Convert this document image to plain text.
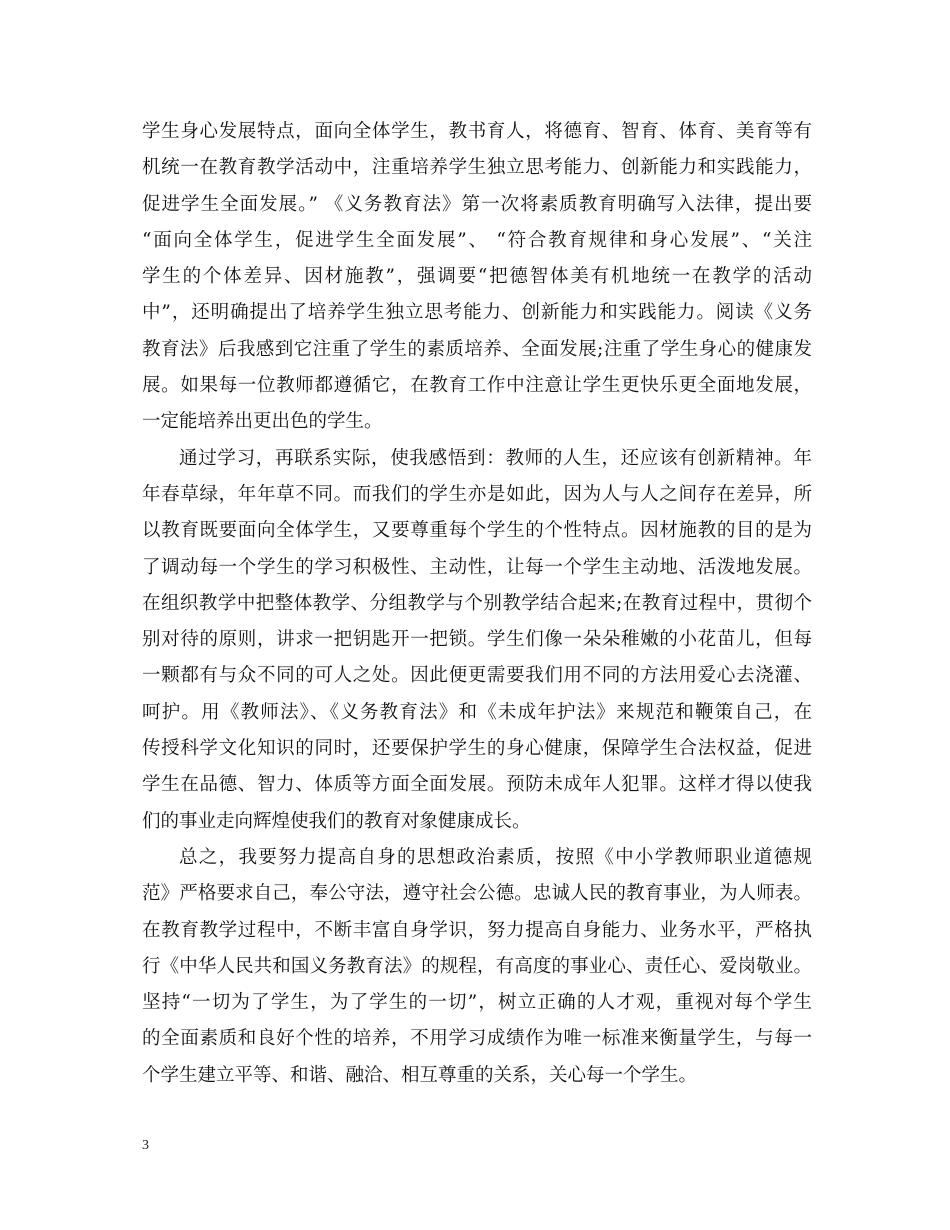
学生身心发展特点，面向全体学生，教书育人，将德育、智育、体育、美育等有
机统一在教育教学活动中，注重培养学生独立思考能力、创新能力和实践能力，
促进学生全面发展。” 《义务教育法》第一次将素质教育明确写入法律，提出要
“面向全体学生，促进学生全面发展”、 “符合教育规律和身心发展”、“关注
学生的个体差异、因材施教”，强调要“把德智体美有机地统一在教学的活动
中”，还明确提出了培养学生独立思考能力、创新能力和实践能力。阅读《义务
教育法》后我感到它注重了学生的素质培养、全面发展;注重了学生身心的健康发
展。如果每一位教师都遵循它，在教育工作中注意让学生更快乐更全面地发展，
一定能培养出更出色的学生。
通过学习，再联系实际，使我感悟到：教师的人生，还应该有创新精神。年
年春草绿，年年草不同。而我们的学生亦是如此，因为人与人之间存在差异，所
以教育既要面向全体学生，又要尊重每个学生的个性特点。因材施教的目的是为
了调动每一个学生的学习积极性、主动性，让每一个学生主动地、活泼地发展。
在组织教学中把整体教学、分组教学与个别教学结合起来;在教育过程中，贯彻个
别对待的原则，讲求一把钥匙开一把锁。学生们像一朵朵稚嫩的小花苗儿，但每
一颗都有与众不同的可人之处。因此便更需要我们用不同的方法用爱心去浇灌、
呵护。用《教师法》、《义务教育法》和《未成年护法》来规范和鞭策自己，在
传授科学文化知识的同时，还要保护学生的身心健康，保障学生合法权益，促进
学生在品德、智力、体质等方面全面发展。预防未成年人犯罪。这样才得以使我
们的事业走向辉煌使我们的教育对象健康成长。
总之，我要努力提高自身的思想政治素质，按照《中小学教师职业道德规
范》严格要求自己，奉公守法，遵守社会公德。忠诚人民的教育事业，为人师表。
在教育教学过程中，不断丰富自身学识，努力提高自身能力、业务水平，严格执
行《中华人民共和国义务教育法》的规程，有高度的事业心、责任心、爱岗敬业。
坚持“一切为了学生，为了学生的一切”，树立正确的人才观，重视对每个学生
的全面素质和良好个性的培养，不用学习成绩作为唯一标准来衡量学生，与每一
个学生建立平等、和谐、融洽、相互尊重的关系，关心每一个学生。
3
